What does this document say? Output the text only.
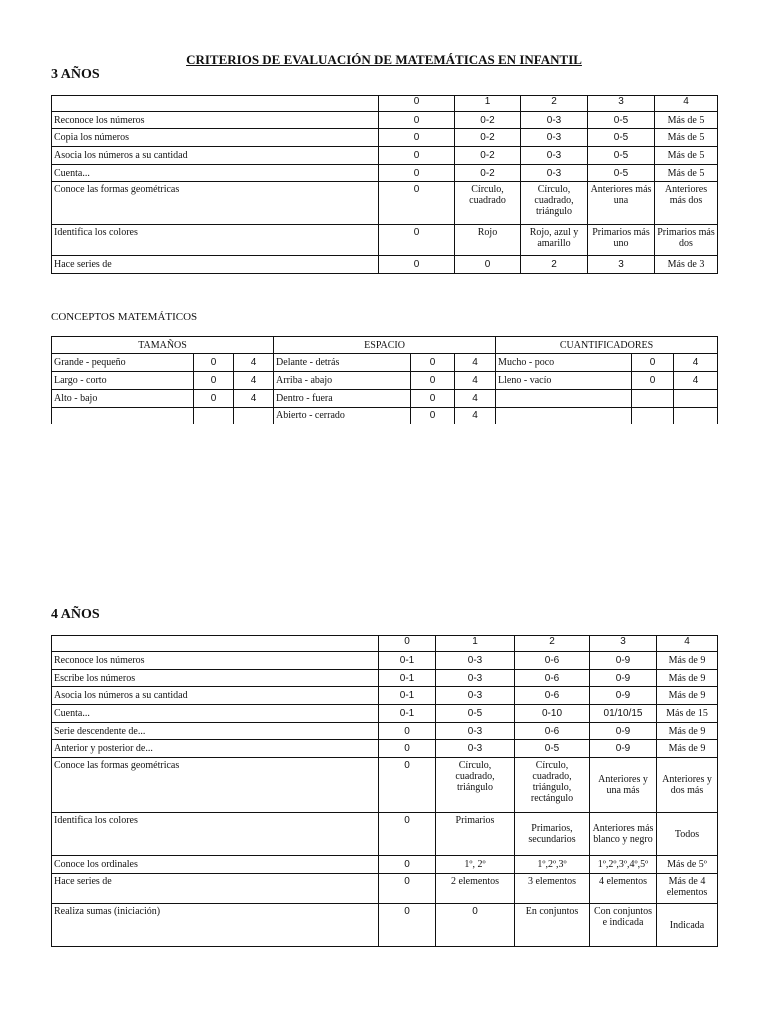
CRITERIOS DE EVALUACIÓN DE MATEMÁTICAS EN INFANTIL
3 AÑOS
	0	1	2	3	4
Reconoce los números	0	0-2	0-3	0-5	Más de 5
Copia los números	0	0-2	0-3	0-5	Más de 5
Asocia los números a su cantidad	0	0-2	0-3	0-5	Más de 5
Cuenta...	0	0-2	0-3	0-5	Más de 5
Conoce las formas geométricas	0	Círculo, cuadrado	Círculo, cuadrado, triángulo	Anteriores más una	Anteriores más dos
Identifica los colores	0	Rojo	Rojo, azul y amarillo	Primarios más uno	Primarios más dos
Hace series de	0	0	2	3	Más de 3
CONCEPTOS MATEMÁTICOS
TAMAÑOS			ESPACIO			CUANTIFICADORES		
Grande - pequeño	0	4	Delante - detrás	0	4	Mucho - poco	0	4
Largo - corto	0	4	Arriba - abajo	0	4	Lleno - vacío	0	4
Alto - bajo	0	4	Dentro - fuera	0	4			
			Abierto - cerrado	0	4			
4 AÑOS
	0	1	2	3	4
Reconoce los números	0-1	0-3	0-6	0-9	Más de 9
Escribe los números	0-1	0-3	0-6	0-9	Más de 9
Asocia los números a su cantidad	0-1	0-3	0-6	0-9	Más de 9
Cuenta...	0-1	0-5	0-10	01/10/15	Más de 15
Serie descendente de...	0	0-3	0-6	0-9	Más de 9
Anterior y posterior de...	0	0-3	0-5	0-9	Más de 9
Conoce las formas geométricas	0	Círculo, cuadrado, triángulo	Círculo, cuadrado, triángulo, rectángulo	Anteriores y una más	Anteriores y dos más
Identifica los colores	0	Primarios	Primarios, secundarios	Anteriores más blanco y negro	Todos
Conoce los ordinales	0	1º, 2º	1º,2º,3º	1º,2º,3º,4º,5º	Más de 5º
Hace series de	0	2 elementos	3 elementos	4 elementos	Más de 4 elementos
Realiza sumas (iniciación)	0	0	En conjuntos	Con conjuntos e indicada	Indicada
